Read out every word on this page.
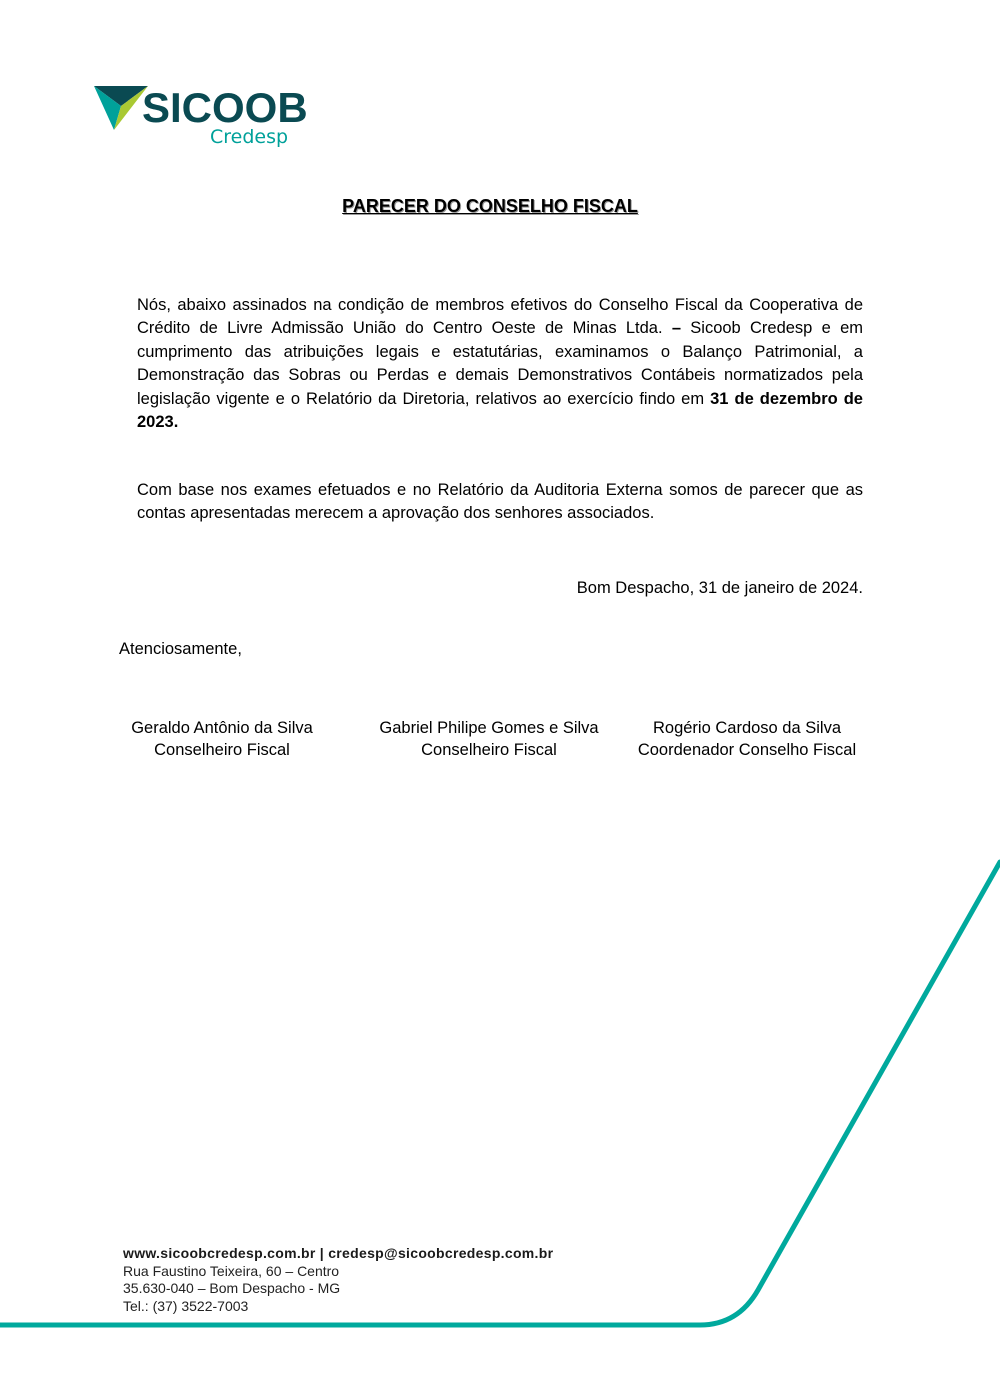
SICOOB
Credesp
PARECER DO CONSELHO FISCAL

Nós, abaixo assinados na condição de membros efetivos do Conselho Fiscal da Cooperativa de Crédito de Livre Admissão União do Centro Oeste de Minas Ltda. – Sicoob Credesp e em cumprimento das atribuições legais e estatutárias, examinamos o Balanço Patrimonial, a Demonstração das Sobras ou Perdas e demais Demonstrativos Contábeis normatizados pela legislação vigente e o Relatório da Diretoria, relativos ao exercício findo em 31 de dezembro de 2023.

Com base nos exames efetuados e no Relatório da Auditoria Externa somos de parecer que as contas apresentadas merecem a aprovação dos senhores associados.

Bom Despacho, 31 de janeiro de 2024.

Atenciosamente,

Geraldo Antônio da Silva
Conselheiro Fiscal
Gabriel Philipe Gomes e Silva
Conselheiro Fiscal
Rogério Cardoso da Silva
Coordenador Conselho Fiscal
www.sicoobcredesp.com.br | credesp@sicoobcredesp.com.br
Rua Faustino Teixeira, 60 – Centro
35.630-040 – Bom Despacho - MG
Tel.: (37) 3522-7003
